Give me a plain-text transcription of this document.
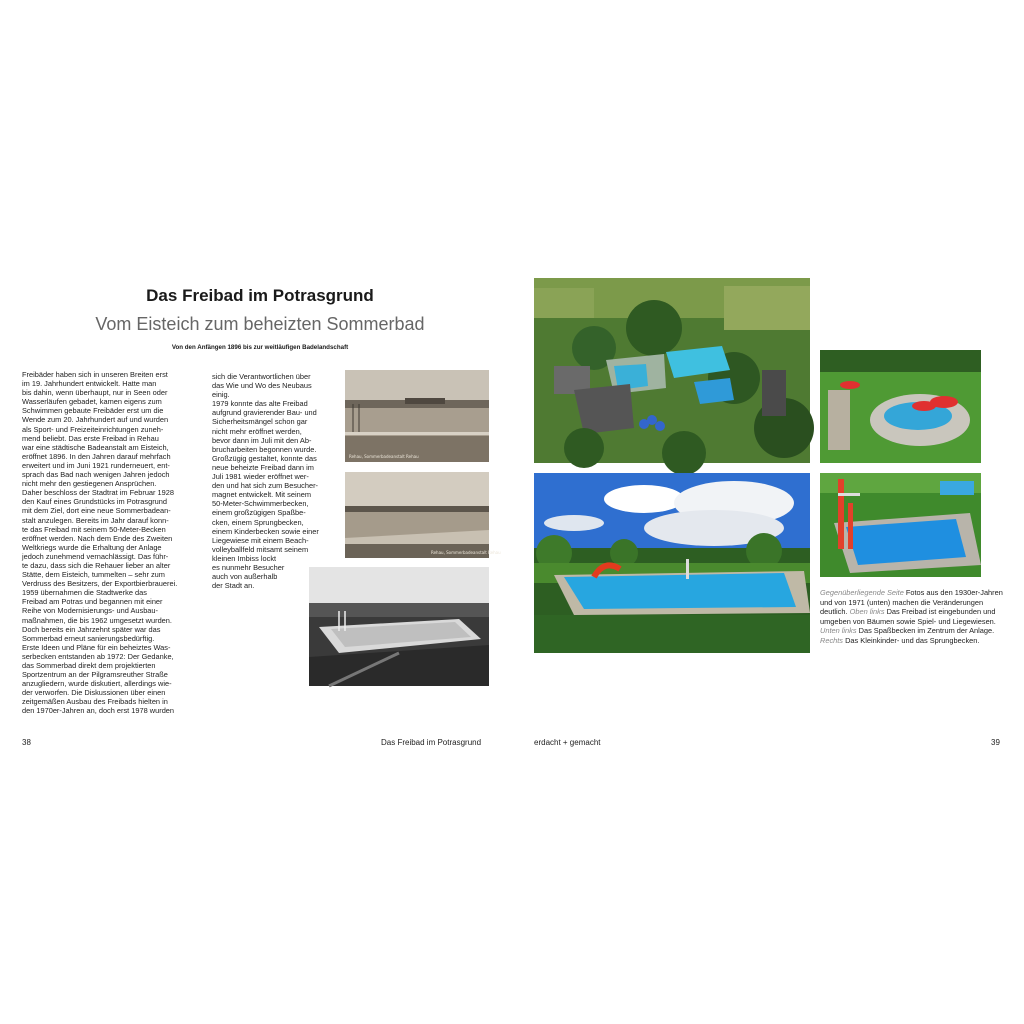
Das Freibad im Potrasgrund
Vom Eisteich zum beheizten Sommerbad
Von den Anfängen 1896 bis zur weitläufigen Badelandschaft
Freibäder haben sich in unseren Breiten erst
im 19. Jahrhundert entwickelt. Hatte man
bis dahin, wenn überhaupt, nur in Seen oder
Wasserläufen gebadet, kamen eigens zum
Schwimmen gebaute Freibäder erst um die
Wende zum 20. Jahrhundert auf und wurden
als Sport- und Freizeiteinrichtungen zuneh-
mend beliebt. Das erste Freibad in Rehau
war eine städtische Badeanstalt am Eisteich,
eröffnet 1896. In den Jahren darauf mehrfach
erweitert und im Juni 1921 runderneuert, ent-
sprach das Bad nach wenigen Jahren jedoch
nicht mehr den gestiegenen Ansprüchen.
Daher beschloss der Stadtrat im Februar 1928
den Kauf eines Grundstücks im Potrasgrund
mit dem Ziel, dort eine neue Sommerbadean-
stalt anzulegen. Bereits im Jahr darauf konn-
te das Freibad mit seinem 50-Meter-Becken
eröffnet werden. Nach dem Ende des Zweiten
Weltkriegs wurde die Erhaltung der Anlage
jedoch zunehmend vernachlässigt. Das führ-
te dazu, dass sich die Rehauer lieber an alter
Stätte, dem Eisteich, tummelten – sehr zum
Verdruss des Besitzers, der Exportbierbrauerei.
1959 übernahmen die Stadtwerke das
Freibad am Potras und begannen mit einer
Reihe von Modernisierungs- und Ausbau-
maßnahmen, die bis 1962 umgesetzt wurden.
Doch bereits ein Jahrzehnt später war das
Sommerbad erneut sanierungsbedürftig.
Erste Ideen und Pläne für ein beheiztes Was-
serbecken entstanden ab 1972: Der Gedanke,
das Sommerbad direkt dem projektierten
Sportzentrum an der Pilgramsreuther Straße
anzugliedern, wurde diskutiert, allerdings wie-
der verworfen. Die Diskussionen über einen
zeitgemäßen Ausbau des Freibads hielten in
den 1970er-Jahren an, doch erst 1978 wurden
sich die Verantwortlichen über
das Wie und Wo des Neubaus
einig.
1979 konnte das alte Freibad
aufgrund gravierender Bau- und
Sicherheitsmängel schon gar
nicht mehr eröffnet werden,
bevor dann im Juli mit den Ab-
brucharbeiten begonnen wurde.
Großzügig gestaltet, konnte das
neue beheizte Freibad dann im
Juli 1981 wieder eröffnet wer-
den und hat sich zum Besucher-
magnet entwickelt. Mit seinem
50-Meter-Schwimmerbecken,
einem großzügigen Spaßbe-
cken, einem Sprungbecken,
einem Kinderbecken sowie einer
Liegewiese mit einem Beach-
volleyballfeld mitsamt seinem
kleinen Imbiss lockt
es nunmehr Besucher
auch von außerhalb
der Stadt an.
Rehau, Sommerbadeanstalt Rehau
Rehau, Sommerbadeanstalt Rehau
38	Das Freibad im Potrasgrund
Gegenüberliegende Seite Fotos aus den 1930er-Jahren und von 1971 (unten) machen die Veränderungen deutlich. Oben links Das Freibad ist eingebunden und umgeben von Bäumen sowie Spiel- und Liegewiesen. Unten links Das Spaßbecken im Zentrum der Anlage. Rechts Das Kleinkinder- und das Sprungbecken.
erdacht + gemacht	39
